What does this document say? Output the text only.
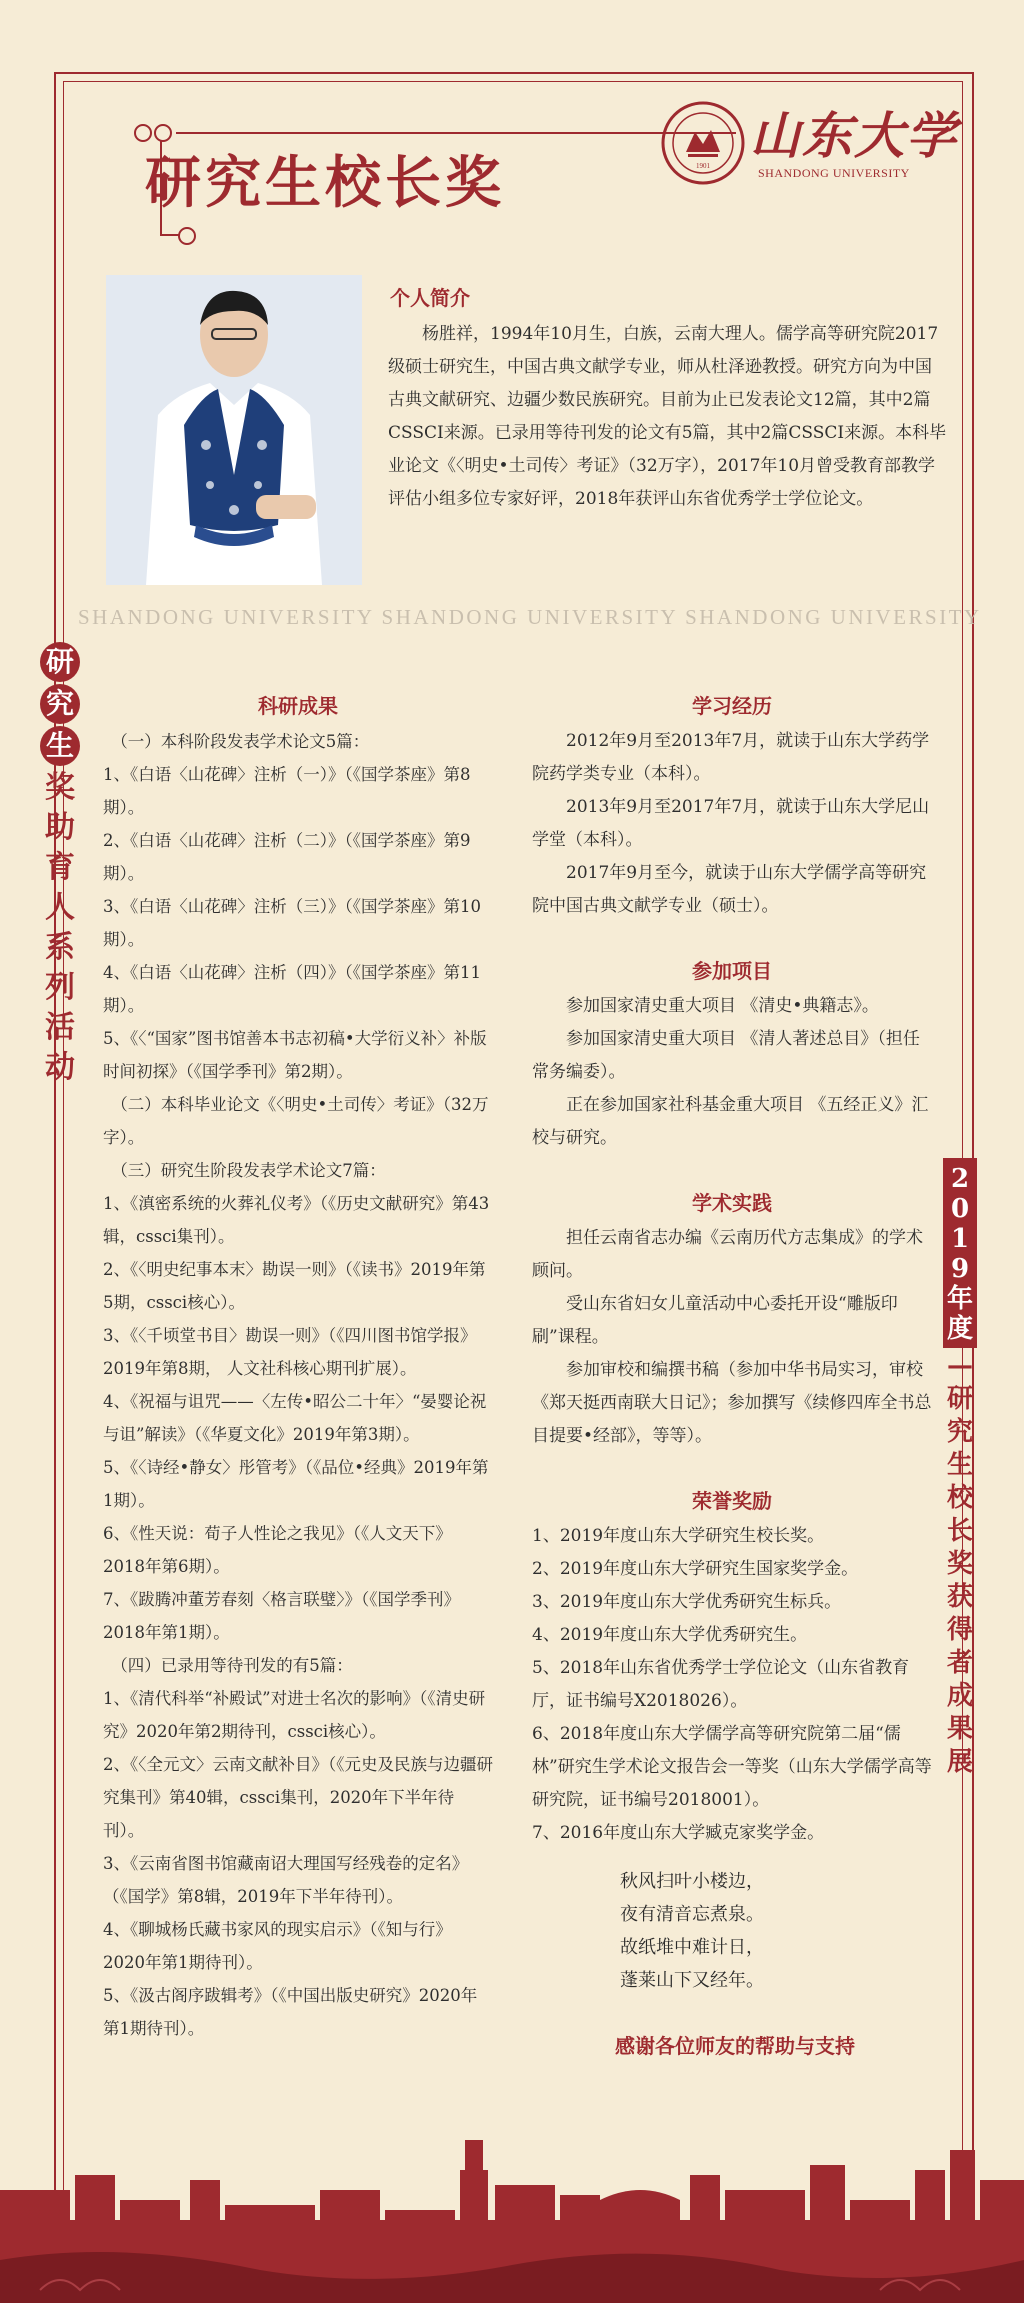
研究生校长奖	1901
山东大学
SHANDONG UNIVERSITY
个人简介

杨胜祥，1994年10月生，白族，云南大理人。儒学高等研究院2017级硕士研究生，中国古典文献学专业，师从杜泽逊教授。研究方向为中国古典文献研究、边疆少数民族研究。目前为止已发表论文12篇，其中2篇CSSCI来源。已录用等待刊发的论文有5篇，其中2篇CSSCI来源。本科毕业论文《〈明史•土司传〉考证》（32万字），2017年10月曾受教育部教学评估小组多位专家好评，2018年获评山东省优秀学士学位论文。

SHANDONG UNIVERSITY SHANDONG UNIVERSITY SHANDONG UNIVERSITY
研
究
生
奖
助
育
人
系
列
活
动
科研成果

（一）本科阶段发表学术论文5篇：

1、《白语〈山花碑〉注析（一）》（《国学茶座》第8期）。

2、《白语〈山花碑〉注析（二）》（《国学茶座》第9期）。

3、《白语〈山花碑〉注析（三）》（《国学茶座》第10期）。

4、《白语〈山花碑〉注析（四）》（《国学茶座》第11期）。

5、《〈“国家”图书馆善本书志初稿•大学衍义补〉补版时间初探》（《国学季刊》第2期）。

（二）本科毕业论文《〈明史•土司传〉考证》（32万字）。

（三）研究生阶段发表学术论文7篇：

1、《滇密系统的火葬礼仪考》（《历史文献研究》第43辑，cssci集刊）。

2、《〈明史纪事本末〉勘误一则》（《读书》2019年第5期，cssci核心）。

3、《〈千顷堂书目〉勘误一则》（《四川图书馆学报》2019年第8期， 人文社科核心期刊扩展）。

4、《祝福与诅咒——〈左传•昭公二十年〉“晏婴论祝与诅”解读》（《华夏文化》2019年第3期）。

5、《〈诗经•静女〉彤管考》（《品位•经典》2019年第1期）。

6、《性天说：荀子人性论之我见》（《人文天下》2018年第6期）。

7、《跋腾冲董芳春刻〈格言联璧〉》（《国学季刊》2018年第1期）。

（四）已录用等待刊发的有5篇：

1、《清代科举“补殿试”对进士名次的影响》（《清史研究》2020年第2期待刊，cssci核心）。

2、《〈全元文〉云南文献补目》（《元史及民族与边疆研究集刊》第40辑，cssci集刊，2020年下半年待刊）。

3、《云南省图书馆藏南诏大理国写经残卷的定名》（《国学》第8辑，2019年下半年待刊）。

4、《聊城杨氏藏书家风的现实启示》（《知与行》2020年第1期待刊）。

5、《汲古阁序跋辑考》（《中国出版史研究》2020年第1期待刊）。

学习经历

2012年9月至2013年7月，就读于山东大学药学院药学类专业（本科）。

2013年9月至2017年7月，就读于山东大学尼山学堂（本科）。

2017年9月至今，就读于山东大学儒学高等研究院中国古典文献学专业（硕士）。

参加项目

参加国家清史重大项目 《清史•典籍志》。

参加国家清史重大项目 《清人著述总目》（担任常务编委）。

正在参加国家社科基金重大项目 《五经正义》汇校与研究。

学术实践

担任云南省志办编《云南历代方志集成》的学术顾问。

受山东省妇女儿童活动中心委托开设“雕版印刷”课程。

参加审校和编撰书稿（参加中华书局实习，审校《郑天挺西南联大日记》；参加撰写《续修四库全书总目提要•经部》，等等）。

荣誉奖励

1、2019年度山东大学研究生校长奖。

2、2019年度山东大学研究生国家奖学金。

3、2019年度山东大学优秀研究生标兵。

4、2019年度山东大学优秀研究生。

5、2018年山东省优秀学士学位论文（山东省教育厅，证书编号X2018026）。

6、2018年度山东大学儒学高等研究院第二届“儒林”研究生学术论文报告会一等奖（山东大学儒学高等研究院，证书编号2018001）。

7、2016年度山东大学臧克家奖学金。

秋风扫叶小楼边，

夜有清音忘煮泉。

故纸堆中难计日，

蓬莱山下又经年。

感谢各位师友的帮助与支持
2
0
1
9
年
度
—
研
究
生
校
长
奖
获
得
者
成
果
展
